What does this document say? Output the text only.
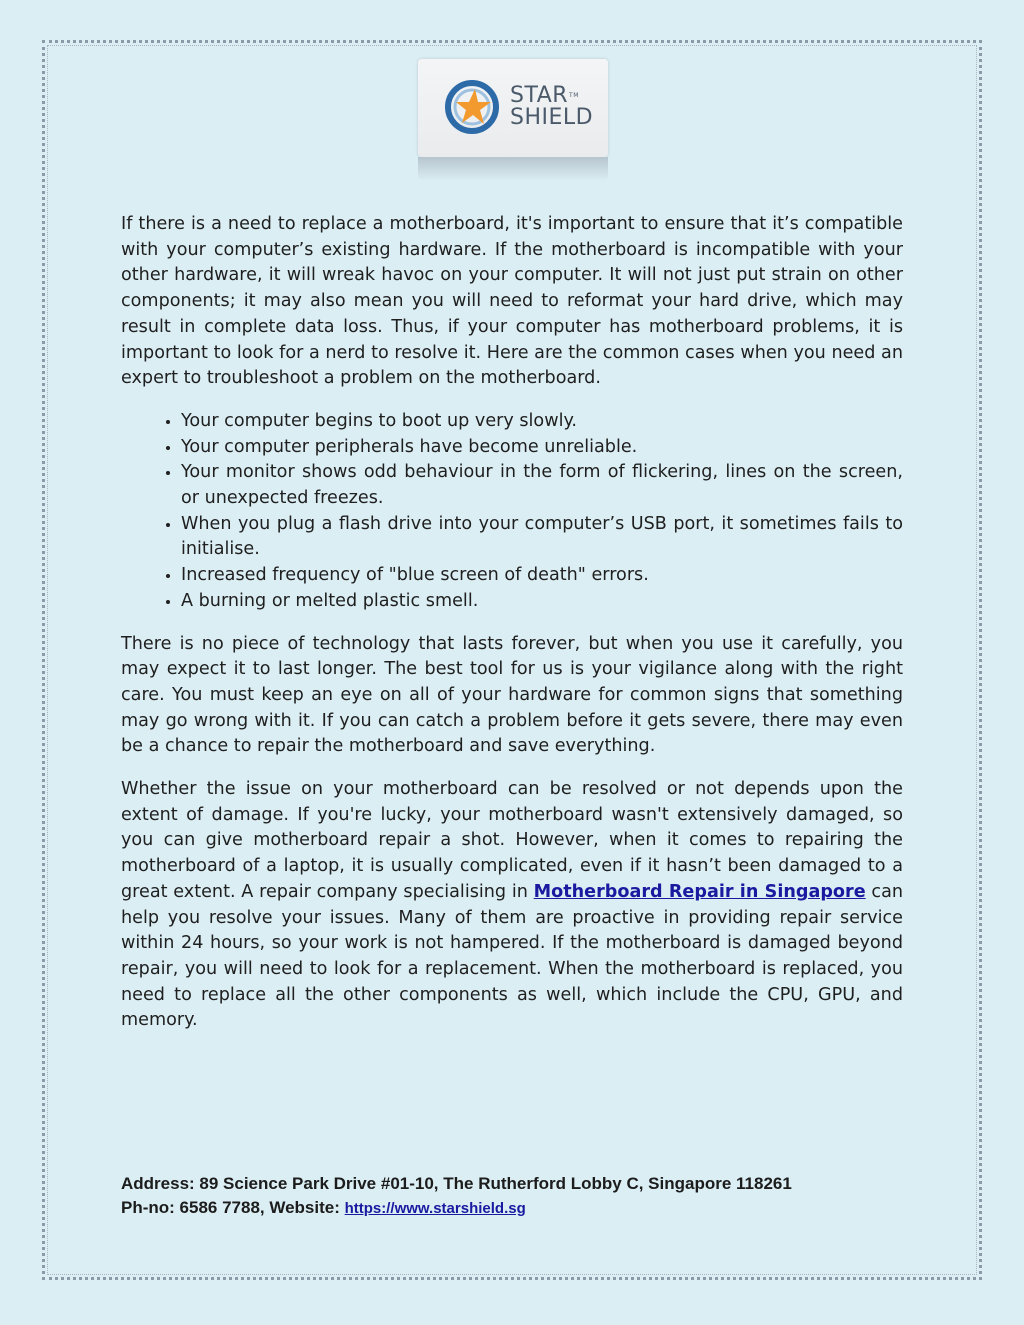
STAR™
SHIELD

If there is a need to replace a motherboard, it's important to ensure that it’s compatible with your computer’s existing hardware. If the motherboard is incompatible with your other hardware, it will wreak havoc on your computer. It will not just put strain on other components; it may also mean you will need to reformat your hard drive, which may result in complete data loss. Thus, if your computer has motherboard problems, it is important to look for a nerd to resolve it. Here are the common cases when you need an expert to troubleshoot a problem on the motherboard.

• Your computer begins to boot up very slowly.
• Your computer peripherals have become unreliable.
• Your monitor shows odd behaviour in the form of flickering, lines on the screen, or unexpected freezes.
• When you plug a flash drive into your computer’s USB port, it sometimes fails to initialise.
• Increased frequency of "blue screen of death" errors.
• A burning or melted plastic smell.

There is no piece of technology that lasts forever, but when you use it carefully, you may expect it to last longer. The best tool for us is your vigilance along with the right care. You must keep an eye on all of your hardware for common signs that something may go wrong with it. If you can catch a problem before it gets severe, there may even be a chance to repair the motherboard and save everything.

Whether the issue on your motherboard can be resolved or not depends upon the extent of damage. If you're lucky, your motherboard wasn't extensively damaged, so you can give motherboard repair a shot. However, when it comes to repairing the motherboard of a laptop, it is usually complicated, even if it hasn’t been damaged to a great extent. A repair company specialising in Motherboard Repair in Singapore can help you resolve your issues. Many of them are proactive in providing repair service within 24 hours, so your work is not hampered. If the motherboard is damaged beyond repair, you will need to look for a replacement. When the motherboard is replaced, you need to replace all the other components as well, which include the CPU, GPU, and memory.

Address: 89 Science Park Drive #01-10, The Rutherford Lobby C, Singapore 118261
Ph-no: 6586 7788, Website: https://www.starshield.sg
